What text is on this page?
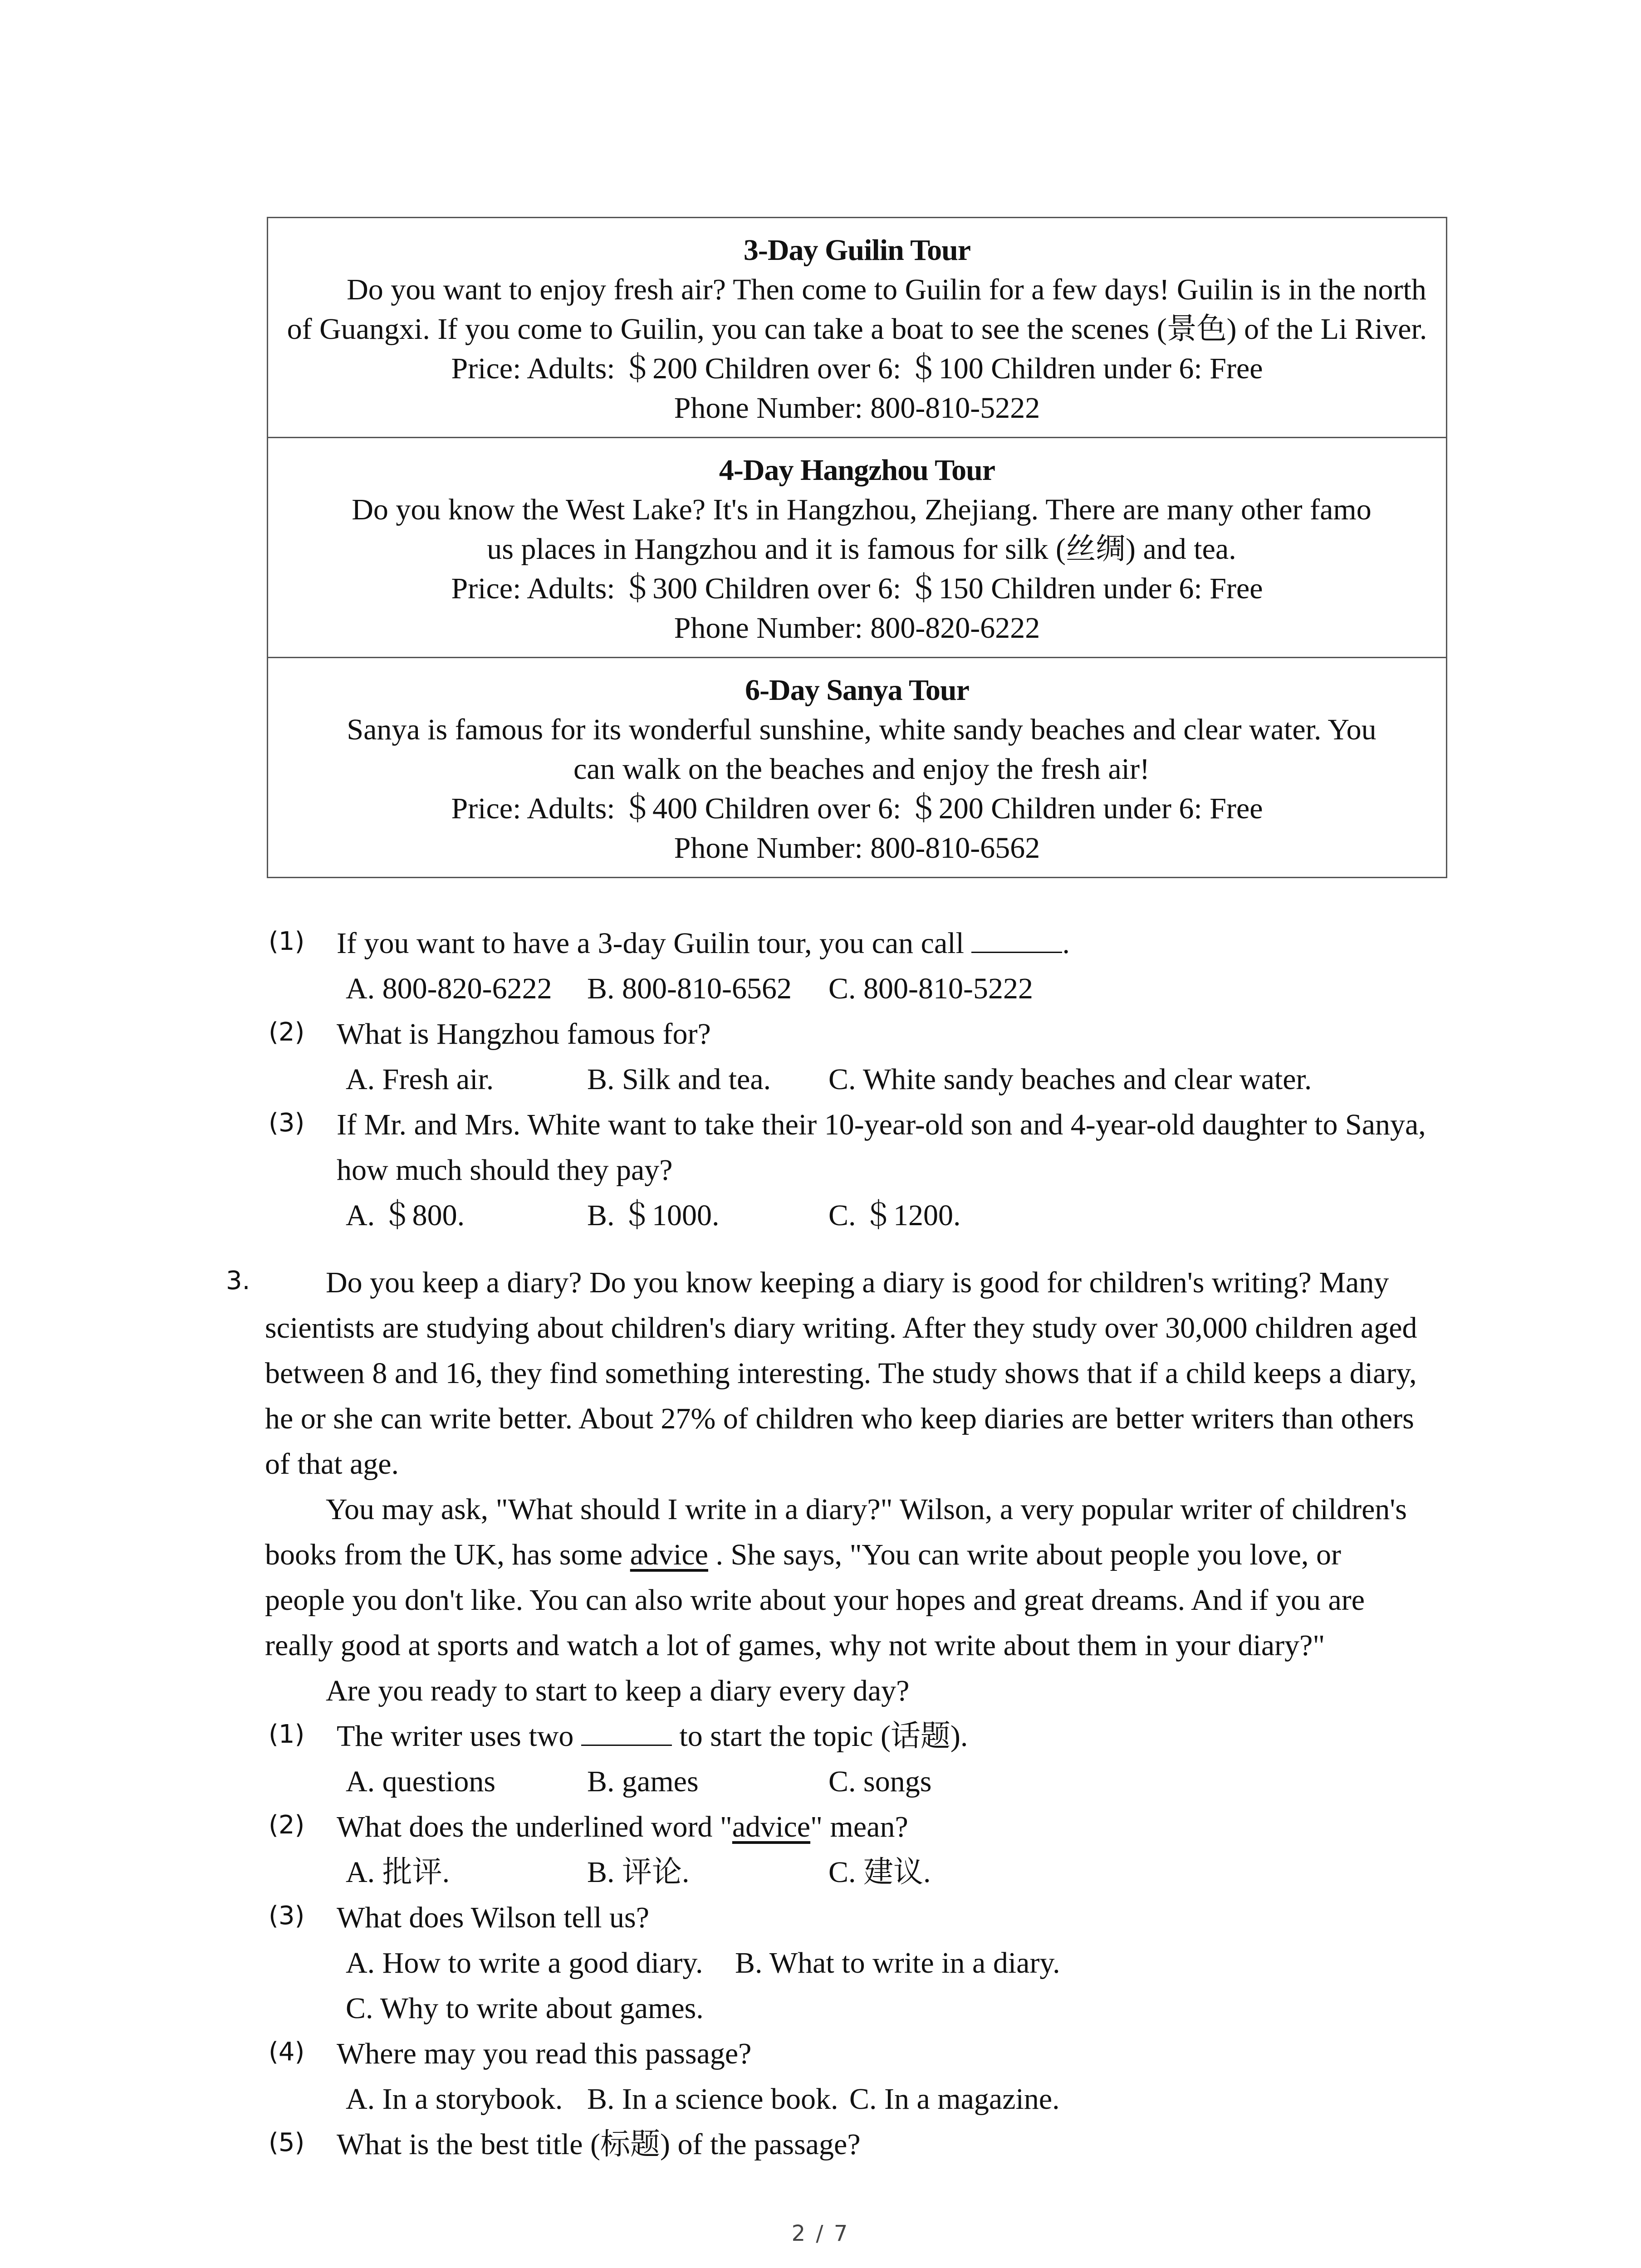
3-Day Guilin Tour
Do you want to enjoy fresh air? Then come to Guilin for a few days! Guilin is in the north of Guangxi. If you come to Guilin, you can take a boat to see the scenes (景色) of the Li River.
Price: Adults: ＄200 Children over 6: ＄100 Children under 6: Free
Phone Number: 800-810-5222
4-Day Hangzhou Tour
Do you know the West Lake? It's in Hangzhou, Zhejiang. There are many other famous places in Hangzhou and it is famous for silk (丝绸) and tea.
Price: Adults: ＄300 Children over 6: ＄150 Children under 6: Free
Phone Number: 800-820-6222
6-Day Sanya Tour
Sanya is famous for its wonderful sunshine, white sandy beaches and clear water. You can walk on the beaches and enjoy the fresh air!
Price: Adults: ＄400 Children over 6: ＄200 Children under 6: Free
Phone Number: 800-810-6562
(1) If you want to have a 3-day Guilin tour, you can call	.
A. 800-820-6222 B. 800-810-6562 C. 800-810-5222
(2) What is Hangzhou famous for?
A. Fresh air.	B. Silk and tea. C. White sandy beaches and clear water.
(3) If Mr. and Mrs. White want to take their 10-year-old son and 4-year-old daughter to Sanya,
how much should they pay?
A. ＄800.	B. ＄1000.	C. ＄1200.
3.	Do you keep a diary? Do you know keeping a diary is good for children's writing? Many
scientists are studying about children's diary writing. After they study over 30,000 children aged
between 8 and 16, they find something interesting. The study shows that if a child keeps a diary,
he or she can write better. About 27% of children who keep diaries are better writers than others
of that age.
You may ask, "What should I write in a diary?" Wilson, a very popular writer of children's
books from the UK, has some advice . She says, "You can write about people you love, or
people you don't like. You can also write about your hopes and great dreams. And if you are
really good at sports and watch a lot of games, why not write about them in your diary?"
Are you ready to start to keep a diary every day?
(1) The writer uses two	to start the topic (话题).
A. questions	B. games	C. songs
(2) What does the underlined word "advice" mean?
A. 批评.	B. 评论.	C. 建议.
(3) What does Wilson tell us?
A. How to write a good diary. B. What to write in a diary.
C. Why to write about games.
(4) Where may you read this passage?
A. In a storybook. B. In a science book. C. In a magazine.
(5) What is the best title (标题) of the passage?
2 / 7
